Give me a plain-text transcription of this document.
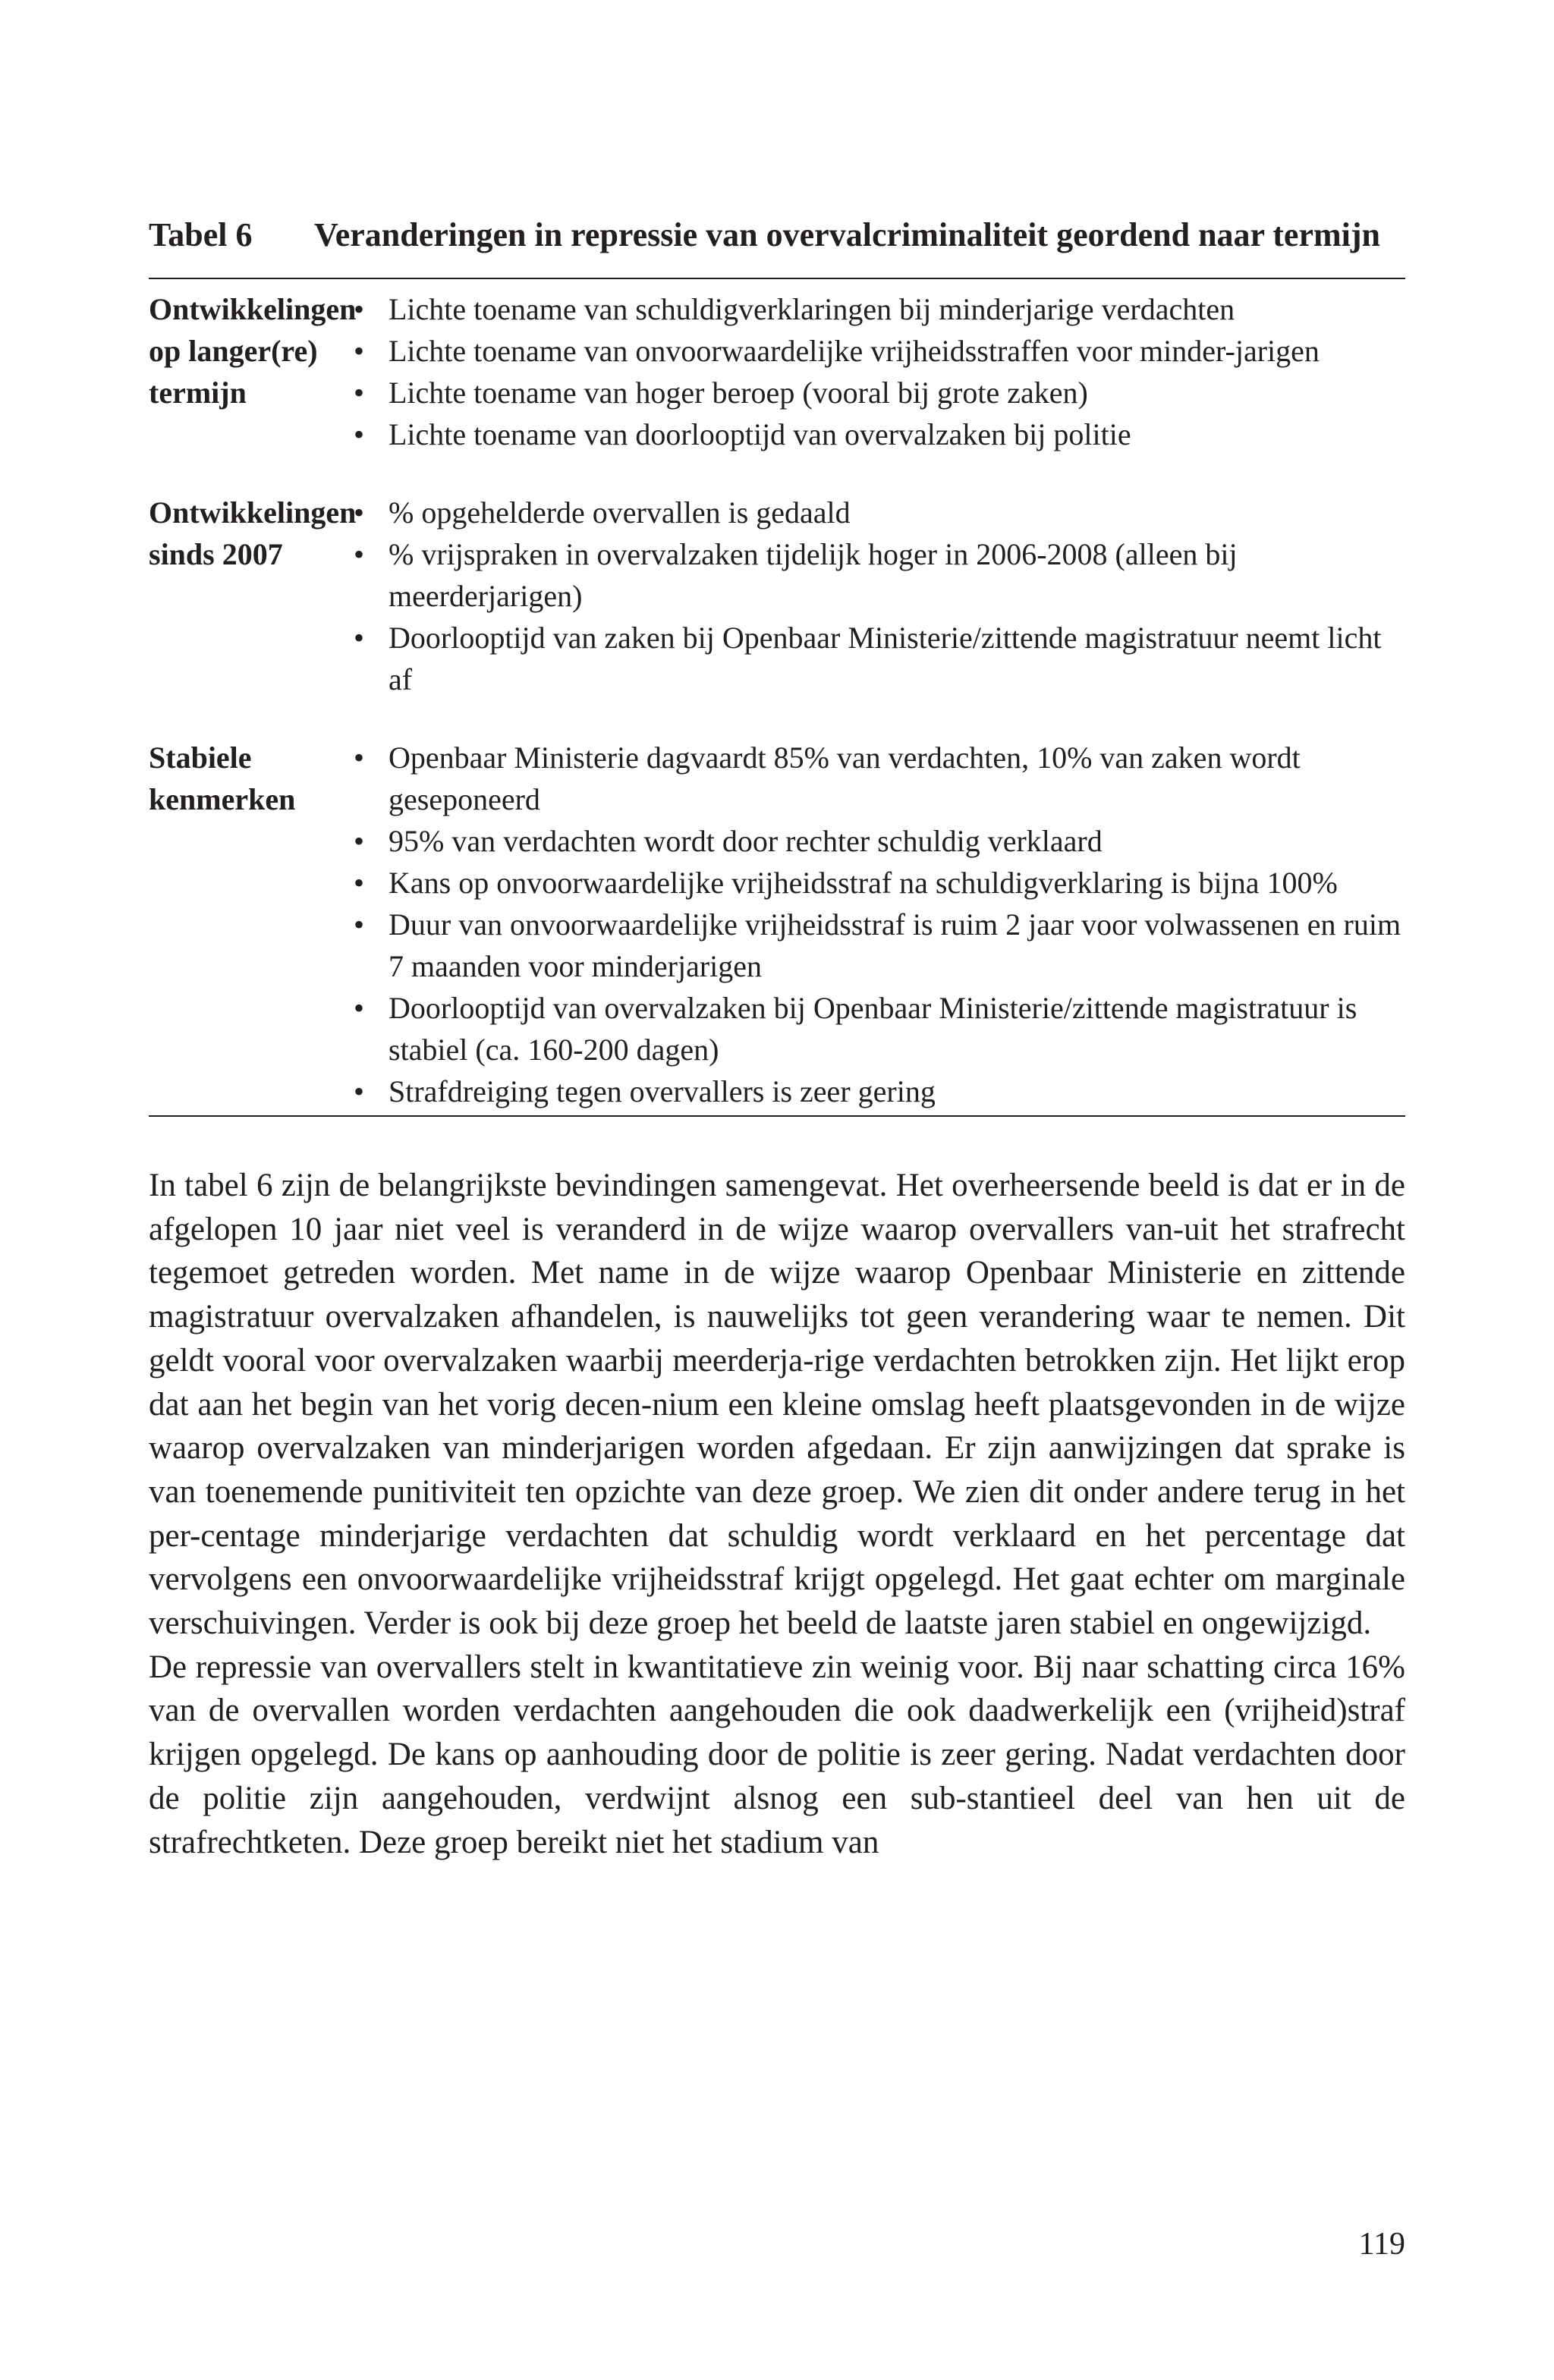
Tabel 6	Veranderingen in repressie van overvalcriminaliteit geordend naar termijn
Ontwikkelingen
op langer(re)
termijn
• Lichte toename van schuldigverklaringen bij minderjarige verdachten
• Lichte toename van onvoorwaardelijke vrijheidsstraffen voor minder-jarigen
• Lichte toename van hoger beroep (vooral bij grote zaken)
• Lichte toename van doorlooptijd van overvalzaken bij politie
Ontwikkelingen
sinds 2007
• % opgehelderde overvallen is gedaald
• % vrijspraken in overvalzaken tijdelijk hoger in 2006-2008 (alleen bij meerderjarigen)
• Doorlooptijd van zaken bij Openbaar Ministerie/zittende magistratuur neemt licht af
Stabiele
kenmerken
• Openbaar Ministerie dagvaardt 85% van verdachten, 10% van zaken wordt geseponeerd
• 95% van verdachten wordt door rechter schuldig verklaard
• Kans op onvoorwaardelijke vrijheidsstraf na schuldigverklaring is bijna 100%
• Duur van onvoorwaardelijke vrijheidsstraf is ruim 2 jaar voor volwassenen en ruim 7 maanden voor minderjarigen
• Doorlooptijd van overvalzaken bij Openbaar Ministerie/zittende magistratuur is stabiel (ca. 160-200 dagen)
• Strafdreiging tegen overvallers is zeer gering

In tabel 6 zijn de belangrijkste bevindingen samengevat. Het overheersende beeld is dat er in de afgelopen 10 jaar niet veel is veranderd in de wijze waarop overvallers van-uit het strafrecht tegemoet getreden worden. Met name in de wijze waarop Openbaar Ministerie en zittende magistratuur overvalzaken afhandelen, is nauwelijks tot geen verandering waar te nemen. Dit geldt vooral voor overvalzaken waarbij meerderja-rige verdachten betrokken zijn. Het lijkt erop dat aan het begin van het vorig decen-nium een kleine omslag heeft plaatsgevonden in de wijze waarop overvalzaken van minderjarigen worden afgedaan. Er zijn aanwijzingen dat sprake is van toenemende punitiviteit ten opzichte van deze groep. We zien dit onder andere terug in het per-centage minderjarige verdachten dat schuldig wordt verklaard en het percentage dat vervolgens een onvoorwaardelijke vrijheidsstraf krijgt opgelegd. Het gaat echter om marginale verschuivingen. Verder is ook bij deze groep het beeld de laatste jaren stabiel en ongewijzigd.

De repressie van overvallers stelt in kwantitatieve zin weinig voor. Bij naar schatting circa 16% van de overvallen worden verdachten aangehouden die ook daadwerkelijk een (vrijheid)straf krijgen opgelegd. De kans op aanhouding door de politie is zeer gering. Nadat verdachten door de politie zijn aangehouden, verdwijnt alsnog een sub-stantieel deel van hen uit de strafrechtketen. Deze groep bereikt niet het stadium van

119
